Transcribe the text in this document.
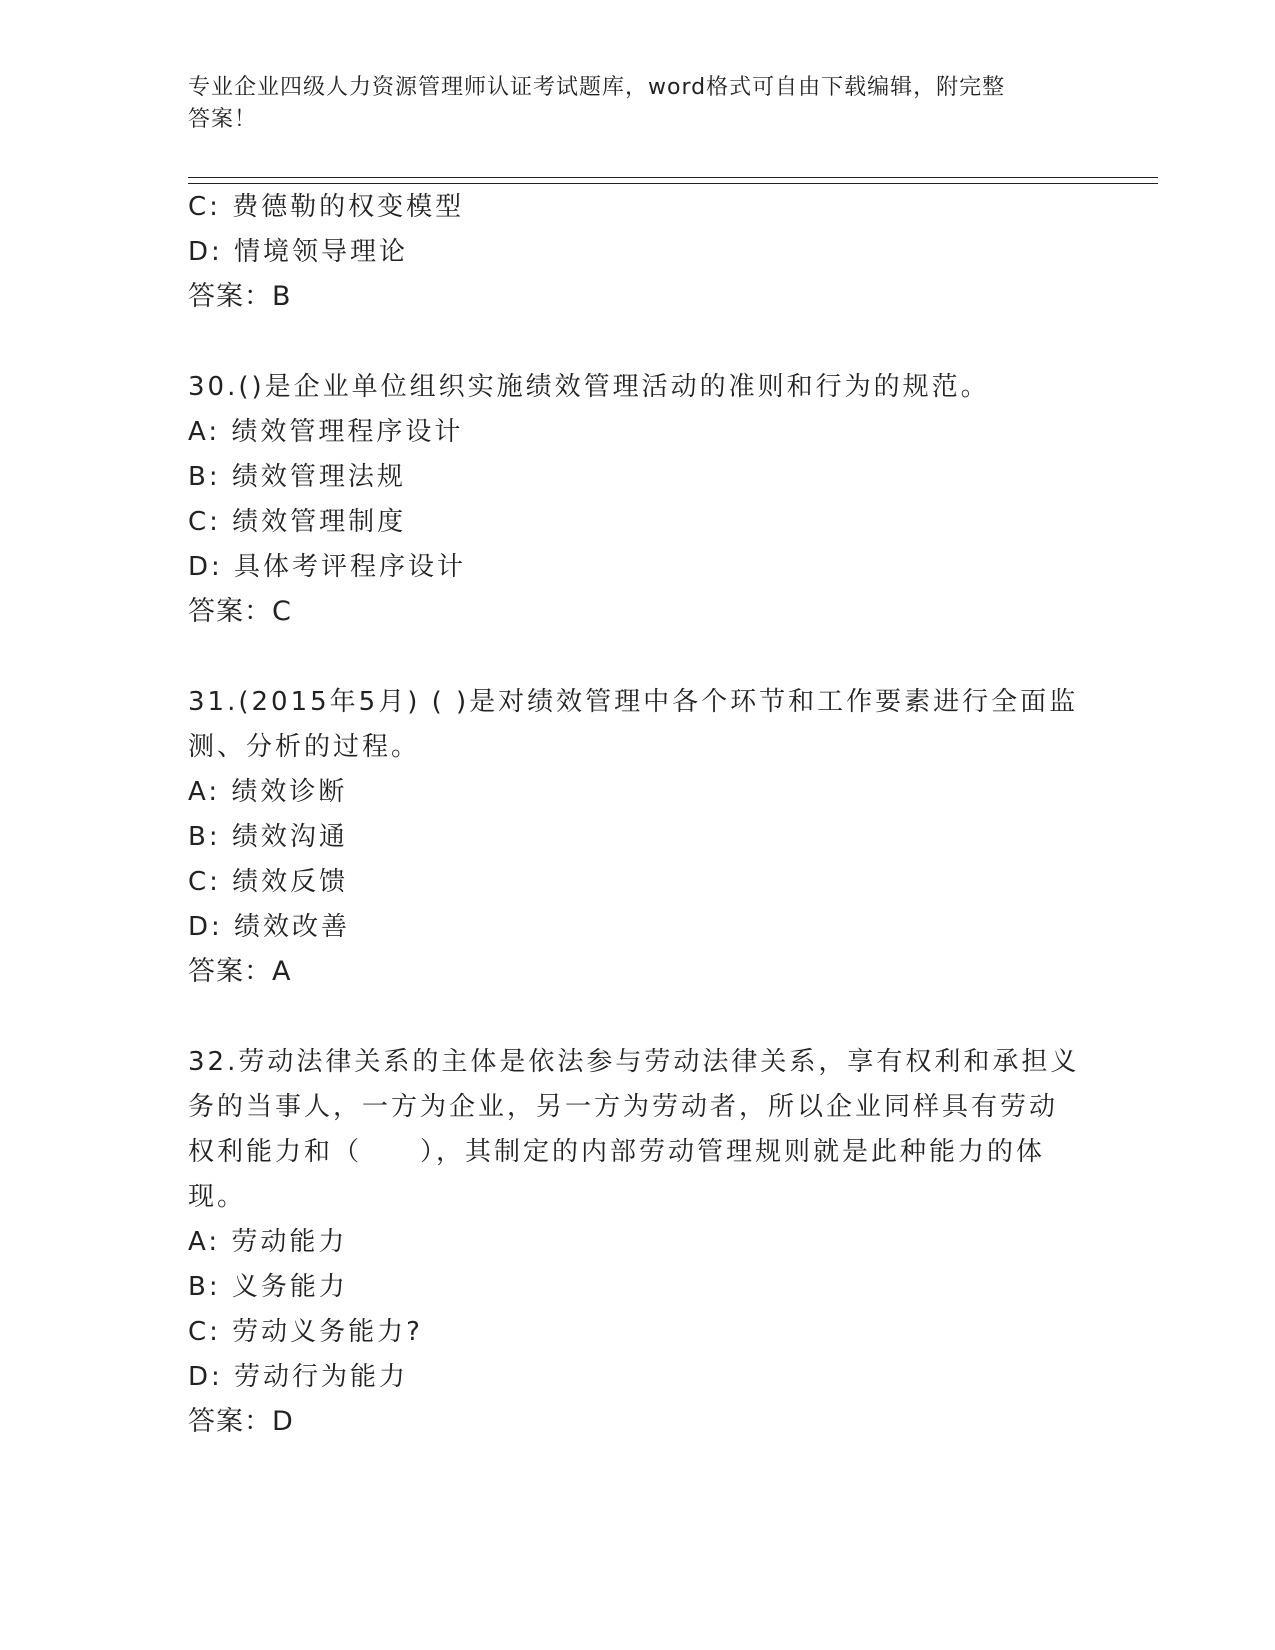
专业企业四级人力资源管理师认证考试题库，word格式可自由下载编辑，附完整
答案！
C: 费德勒的权变模型
D: 情境领导理论
答案：B
30.()是企业单位组织实施绩效管理活动的准则和行为的规范。
A: 绩效管理程序设计
B: 绩效管理法规
C: 绩效管理制度
D: 具体考评程序设计
答案：C
31.(2015年5月) ( )是对绩效管理中各个环节和工作要素进行全面监
测、分析的过程。
A: 绩效诊断
B: 绩效沟通
C: 绩效反馈
D: 绩效改善
答案：A
32.劳动法律关系的主体是依法参与劳动法律关系，享有权利和承担义
务的当事人，一方为企业，另一方为劳动者，所以企业同样具有劳动
权利能力和（　　），其制定的内部劳动管理规则就是此种能力的体
现。
A: 劳动能力
B: 义务能力
C: 劳动义务能力?
D: 劳动行为能力
答案：D
